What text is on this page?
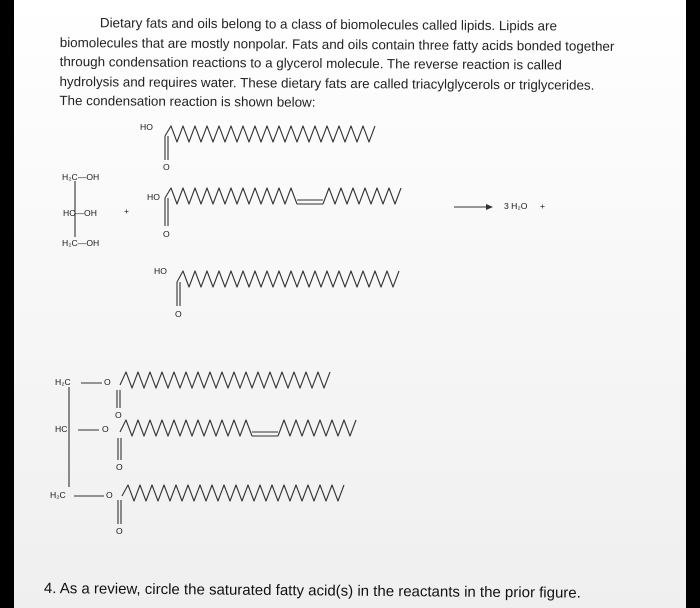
Dietary fats and oils belong to a class of biomolecules called lipids. Lipids are biomolecules that are mostly nonpolar. Fats and oils contain three fatty acids bonded together through condensation reactions to a glycerol molecule. The reverse reaction is called hydrolysis and requires water. These dietary fats are called triacylglycerols or triglycerides. The condensation reaction is shown below:

HO
O
HO
O
HO
O
H₂C—OH
HC—OH
H₂C—OH
+	3 H₂O +
H₂C
HC
H₂C
O
O
O
O
O
O
4. As a review, circle the saturated fatty acid(s) in the reactants in the prior figure.
